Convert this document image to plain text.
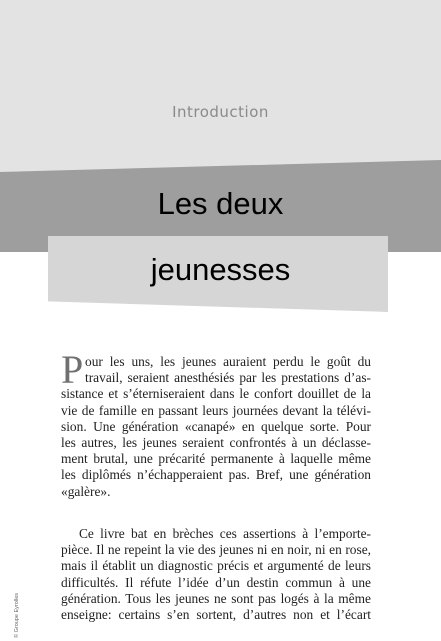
Introduction
Les deux
jeunesses
P our les uns, les jeunes auraient perdu le goût du
travail, seraient anesthésiés par les prestations d’as-
sistance et s’éterniseraient dans le confort douillet de la
vie de famille en passant leurs journées devant la télévi-
sion. Une génération «canapé» en quelque sorte. Pour
les autres, les jeunes seraient confrontés à un déclasse-
ment brutal, une précarité permanente à laquelle même
les diplômés n’échapperaient pas. Bref, une génération
«galère».
Ce livre bat en brèches ces assertions à l’emporte-
pièce. Il ne repeint la vie des jeunes ni en noir, ni en rose,
mais il établit un diagnostic précis et argumenté de leurs
difficultés. Il réfute l’idée d’un destin commun à une
génération. Tous les jeunes ne sont pas logés à la même
enseigne: certains s’en sortent, d’autres non et l’écart
© Groupe Eyrolles
